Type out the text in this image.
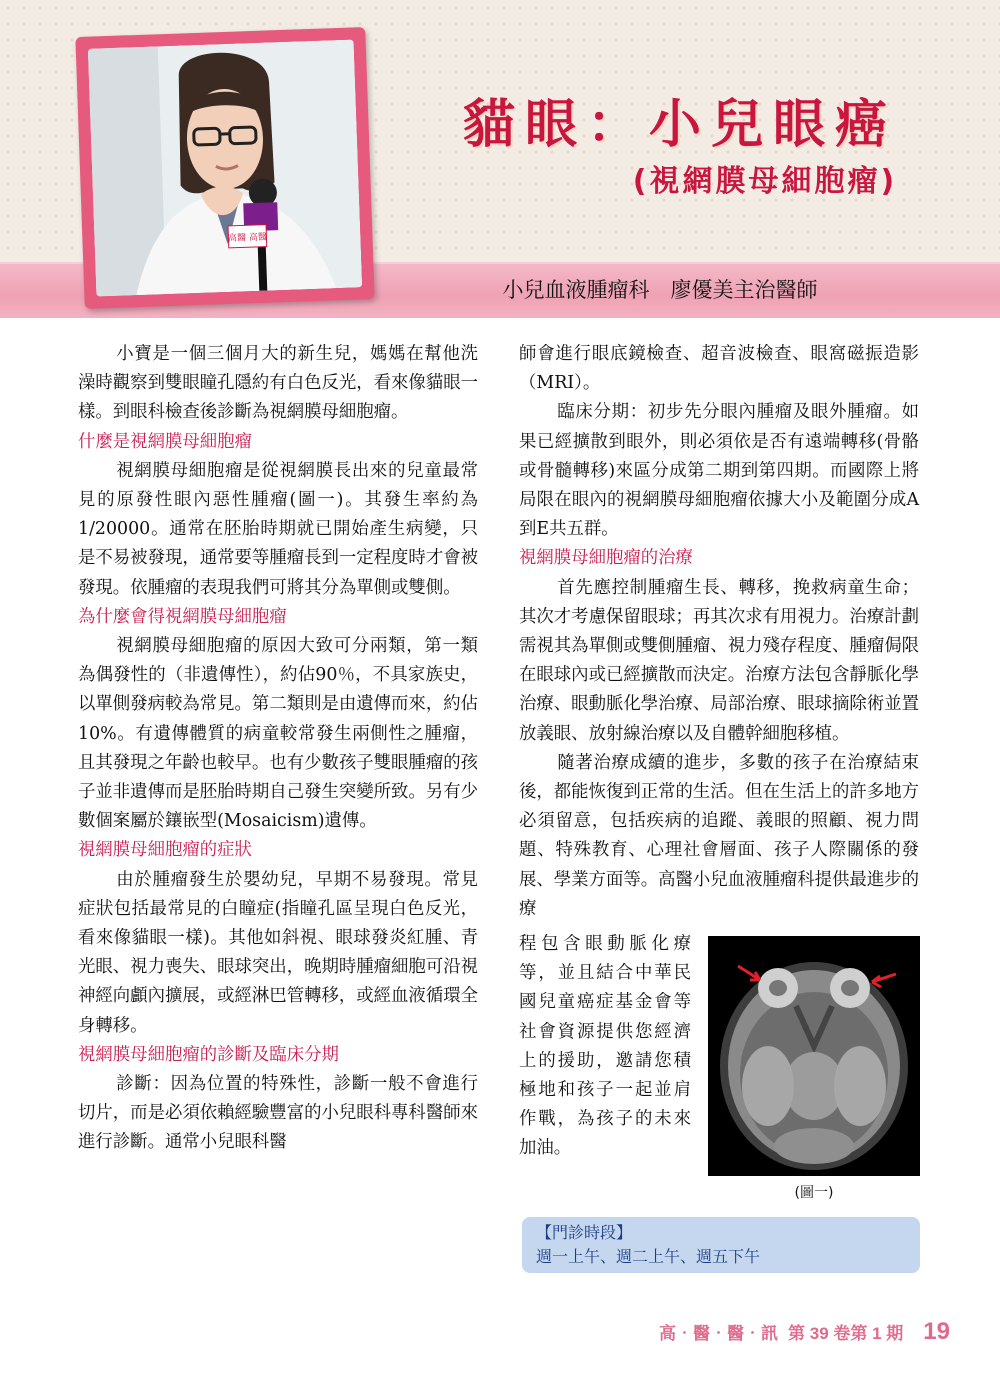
高醫 高醫
貓眼：小兒眼癌
(視網膜母細胞瘤)
小兒血液腫瘤科　廖優美主治醫師

小寶是一個三個月大的新生兒，媽媽在幫他洗澡時觀察到雙眼瞳孔隱約有白色反光，看來像貓眼一樣。到眼科檢查後診斷為視網膜母細胞瘤。

什麼是視網膜母細胞瘤

視網膜母細胞瘤是從視網膜長出來的兒童最常見的原發性眼內惡性腫瘤(圖一)。其發生率約為1/20000。通常在胚胎時期就已開始產生病變，只是不易被發現，通常要等腫瘤長到一定程度時才會被發現。依腫瘤的表現我們可將其分為單側或雙側。

為什麼會得視網膜母細胞瘤

視網膜母細胞瘤的原因大致可分兩類，第一類為偶發性的（非遺傳性），約佔90％，不具家族史，以單側發病較為常見。第二類則是由遺傳而來，約佔10%。有遺傳體質的病童較常發生兩側性之腫瘤，且其發現之年齡也較早。也有少數孩子雙眼腫瘤的孩子並非遺傳而是胚胎時期自己發生突變所致。另有少數個案屬於鑲嵌型(Mosaicism)遺傳。

視網膜母細胞瘤的症狀

由於腫瘤發生於嬰幼兒，早期不易發現。常見症狀包括最常見的白瞳症(指瞳孔區呈現白色反光，看來像貓眼一樣)。其他如斜視、眼球發炎紅腫、青光眼、視力喪失、眼球突出，晚期時腫瘤細胞可沿視神經向顱內擴展，或經淋巴管轉移，或經血液循環全身轉移。

視網膜母細胞瘤的診斷及臨床分期

診斷：因為位置的特殊性，診斷一般不會進行切片，而是必須依賴經驗豐富的小兒眼科專科醫師來進行診斷。通常小兒眼科醫

師會進行眼底鏡檢查、超音波檢查、眼窩磁振造影（MRI）。

臨床分期：初步先分眼內腫瘤及眼外腫瘤。如果已經擴散到眼外，則必須依是否有遠端轉移(骨骼或骨髓轉移)來區分成第二期到第四期。而國際上將局限在眼內的視網膜母細胞瘤依據大小及範圍分成A到E共五群。

視網膜母細胞瘤的治療

首先應控制腫瘤生長、轉移，挽救病童生命；其次才考慮保留眼球；再其次求有用視力。治療計劃需視其為單側或雙側腫瘤、視力殘存程度、腫瘤侷限在眼球內或已經擴散而決定。治療方法包含靜脈化學治療、眼動脈化學治療、局部治療、眼球摘除術並置放義眼、放射線治療以及自體幹細胞移植。

隨著治療成續的進步，多數的孩子在治療結束後，都能恢復到正常的生活。但在生活上的許多地方必須留意，包括疾病的追蹤、義眼的照顧、視力問題、特殊教育、心理社會層面、孩子人際關係的發展、學業方面等。高醫小兒血液腫瘤科提供最進步的療

程包含眼動脈化療等，並且結合中華民國兒童癌症基金會等社會資源提供您經濟上的援助，邀請您積極地和孩子一起並肩作戰，為孩子的未來加油。
(圖一)
【門診時段】
週一上午、週二上午、週五下午
高‧醫‧醫‧訊 第 39 卷第 1 期 19
